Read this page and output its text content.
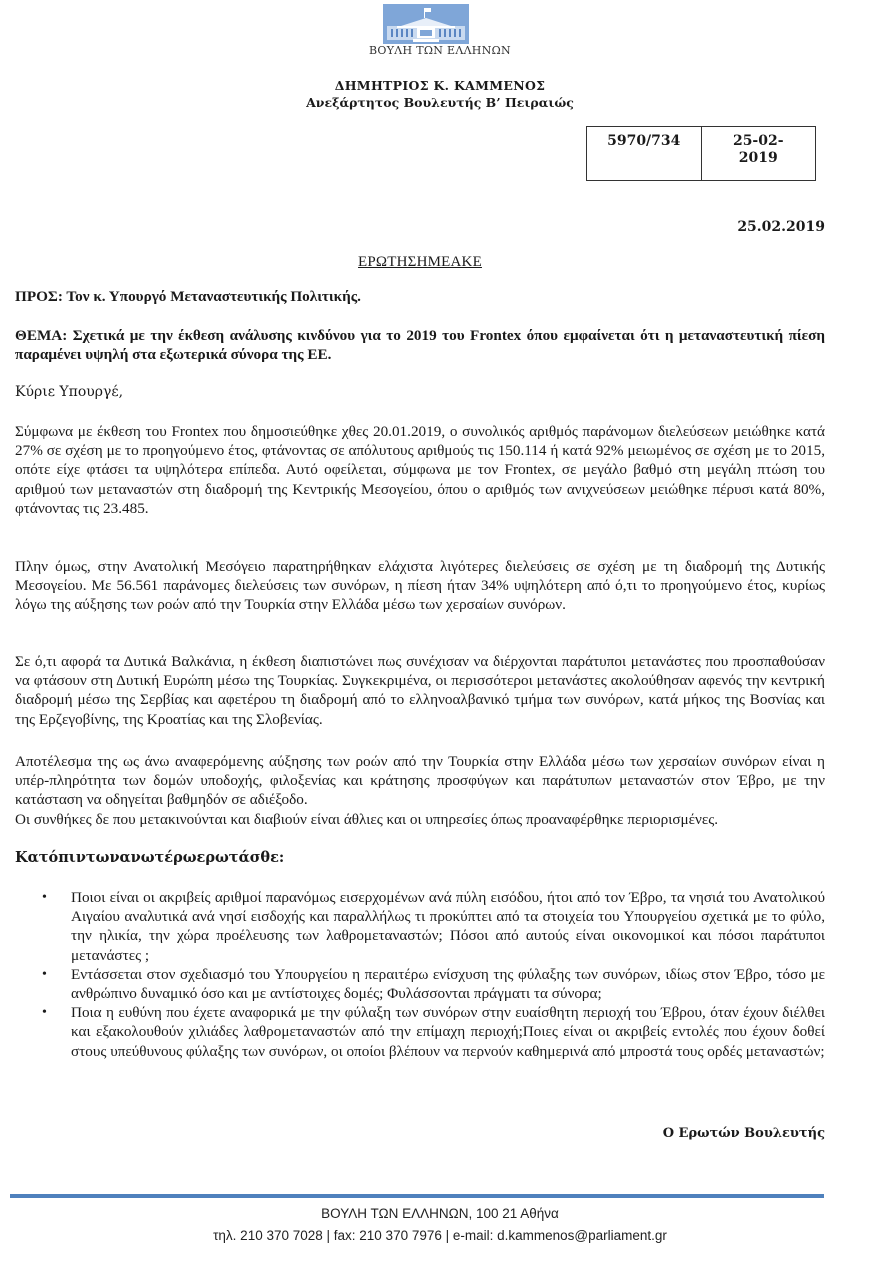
ΒΟΥΛΗ ΤΩΝ ΕΛΛΗΝΩΝ
ΔΗΜΗΤΡΙΟΣ Κ. ΚΑΜΜΕΝΟΣ
Ανεξάρτητος Βουλευτής Β’ Πειραιώς
5970/734	25-02-
2019
25.02.2019
ΕΡΩΤΗΣΗΜΕΑΚΕ
ΠΡΟΣ: Τον κ. Υπουργό Μεταναστευτικής Πολιτικής.
ΘΕΜΑ: Σχετικά με την έκθεση ανάλυσης κινδύνου για το 2019 του Frontex όπου εμφαίνεται ότι η μεταναστευτική πίεση παραμένει υψηλή στα εξωτερικά σύνορα της ΕΕ.
Κύριε Υπουργέ,
Σύμφωνα με έκθεση του Frontex που δημοσιεύθηκε χθες 20.01.2019, ο συνολικός αριθμός παράνομων διελεύσεων μειώθηκε κατά 27% σε σχέση με το προηγούμενο έτος, φτάνοντας σε απόλυτους αριθμούς τις 150.114 ή κατά 92% μειωμένος σε σχέση με το 2015, οπότε είχε φτάσει τα υψηλότερα επίπεδα. Αυτό οφείλεται, σύμφωνα με τον Frontex, σε μεγάλο βαθμό στη μεγάλη πτώση του αριθμού των μεταναστών στη διαδρομή της Κεντρικής Μεσογείου, όπου ο αριθμός των ανιχνεύσεων μειώθηκε πέρυσι κατά 80%, φτάνοντας τις 23.485.
Πλην όμως, στην Ανατολική Μεσόγειο παρατηρήθηκαν ελάχιστα λιγότερες διελεύσεις σε σχέση με τη διαδρομή της Δυτικής Μεσογείου. Με 56.561 παράνομες διελεύσεις των συνόρων, η πίεση ήταν 34% υψηλότερη από ό,τι το προηγούμενο έτος, κυρίως λόγω της αύξησης των ροών από την Τουρκία στην Ελλάδα μέσω των χερσαίων συνόρων.
Σε ό,τι αφορά τα Δυτικά Βαλκάνια, η έκθεση διαπιστώνει πως συνέχισαν να διέρχονται παράτυποι μετανάστες που προσπαθούσαν να φτάσουν στη Δυτική Ευρώπη μέσω της Τουρκίας. Συγκεκριμένα, οι περισσότεροι μετανάστες ακολούθησαν αφενός την κεντρική διαδρομή μέσω της Σερβίας και αφετέρου τη διαδρομή από το ελληνοαλβανικό τμήμα των συνόρων, κατά μήκος της Βοσνίας και της Ερζεγοβίνης, της Κροατίας και της Σλοβενίας.
Αποτέλεσμα της ως άνω αναφερόμενης αύξησης των ροών από την Τουρκία στην Ελλάδα μέσω των χερσαίων συνόρων είναι η υπέρ-πληρότητα των δομών υποδοχής, φιλοξενίας και κράτησης προσφύγων και παράτυπων μεταναστών στον Έβρο, με την κατάσταση να οδηγείται βαθμηδόν σε αδιέξοδο.
Οι συνθήκες δε που μετακινούνται και διαβιούν είναι άθλιες και οι υπηρεσίες όπως προαναφέρθηκε περιορισμένες.
Κατόπιντωνανωτέρωερωτάσθε:
• Ποιοι είναι οι ακριβείς αριθμοί παρανόμως εισερχομένων ανά πύλη εισόδου, ήτοι από τον Έβρο, τα νησιά του Ανατολικού Αιγαίου αναλυτικά ανά νησί εισδοχής και παραλλήλως τι προκύπτει από τα στοιχεία του Υπουργείου σχετικά με το φύλο, την ηλικία, την χώρα προέλευσης των λαθρομεταναστών; Πόσοι από αυτούς είναι οικονομικοί και πόσοι παράτυποι μετανάστες ;
• Εντάσσεται στον σχεδιασμό του Υπουργείου η περαιτέρω ενίσχυση της φύλαξης των συνόρων, ιδίως στον Έβρο, τόσο με ανθρώπινο δυναμικό όσο και με αντίστοιχες δομές; Φυλάσσονται πράγματι τα σύνορα;
• Ποια η ευθύνη που έχετε αναφορικά με την φύλαξη των συνόρων στην ευαίσθητη περιοχή του Έβρου, όταν έχουν διέλθει και εξακολουθούν χιλιάδες λαθρομεταναστών από την επίμαχη περιοχή;Ποιες είναι οι ακριβείς εντολές που έχουν δοθεί στους υπεύθυνους φύλαξης των συνόρων, οι οποίοι βλέπουν να περνούν καθημερινά από μπροστά τους ορδές μεταναστών;
Ο Ερωτών Βουλευτής
ΒΟΥΛΗ ΤΩΝ ΕΛΛΗΝΩΝ, 100 21 Αθήνα
τηλ. 210 370 7028 | fax: 210 370 7976 | e-mail: d.kammenos@parliament.gr
